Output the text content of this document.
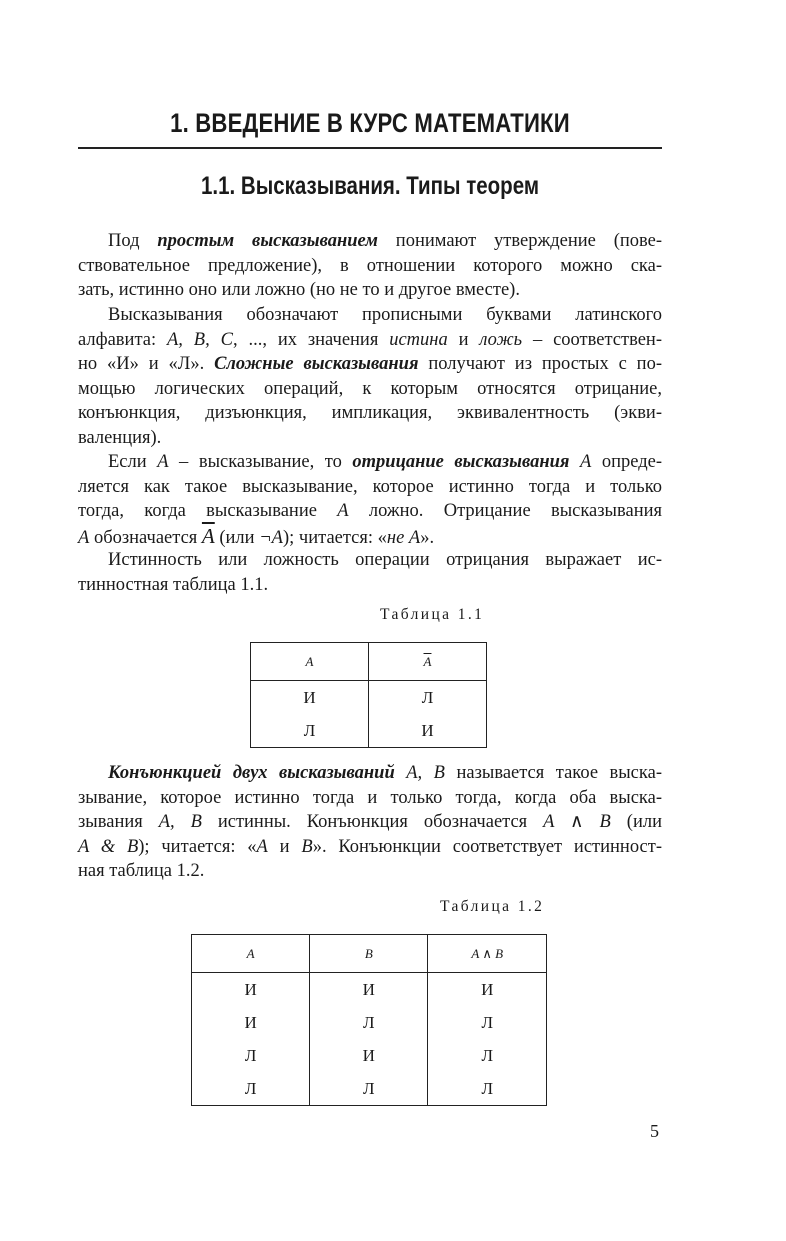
1. ВВЕДЕНИЕ В КУРС МАТЕМАТИКИ
1.1. Высказывания. Типы теорем
Под простым высказыванием понимают утверждение (пове-
ствовательное предложение), в отношении которого можно ска-
зать, истинно оно или ложно (но не то и другое вместе).
Высказывания обозначают прописными буквами латинского
алфавита: A, B, C, ..., их значения истина и ложь – соответствен-
но «И» и «Л». Сложные высказывания получают из простых с по-
мощью логических операций, к которым относятся отрицание,
конъюнкция, дизъюнкция, импликация, эквивалентность (экви-
валенция).
Если A – высказывание, то отрицание высказывания A опреде-
ляется как такое высказывание, которое истинно тогда и только
тогда, когда высказывание A ложно. Отрицание высказывания
A обозначается $\overline{A}$ (или ¬A); читается: «не A».
Истинность или ложность операции отрицания выражает ис-
тинностная таблица 1.1.
Таблица 1.1
A	$\overline{A}$
И	Л
Л	И
Конъюнкцией двух высказываний A, B называется такое выска-
зывание, которое истинно тогда и только тогда, когда оба выска-
зывания A, B истинны. Конъюнкция обозначается A ∧ B (или
A & B); читается: «A и B». Конъюнкции соответствует истинност-
ная таблица 1.2.
Таблица 1.2
A	B	A ∧ B
И	И	И
И	Л	Л
Л	И	Л
Л	Л	Л
5
